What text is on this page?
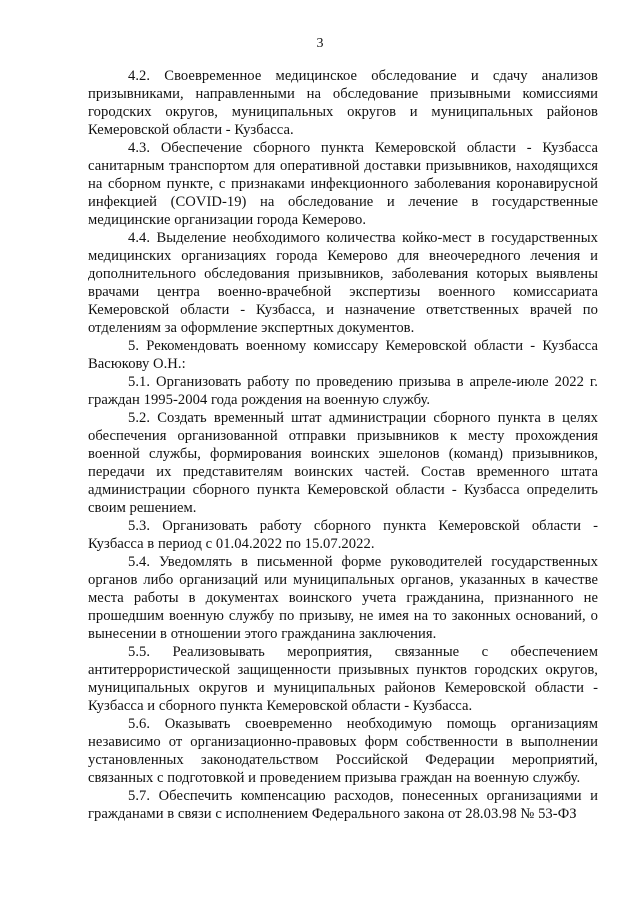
3

4.2. Своевременное медицинское обследование и сдачу анализов призывниками, направленными на обследование призывными комиссиями городских округов, муниципальных округов и муниципальных районов Кемеровской области - Кузбасса.

4.3. Обеспечение сборного пункта Кемеровской области - Кузбасса санитарным транспортом для оперативной доставки призывников, находящихся на сборном пункте, с признаками инфекционного заболевания коронавирусной инфекцией (COVID-19) на обследование и лечение в государственные медицинские организации города Кемерово.

4.4. Выделение необходимого количества койко-мест в государственных медицинских организациях города Кемерово для внеочередного лечения и дополнительного обследования призывников, заболевания которых выявлены врачами центра военно-врачебной экспертизы военного комиссариата Кемеровской области - Кузбасса, и назначение ответственных врачей по отделениям за оформление экспертных документов.

5. Рекомендовать военному комиссару Кемеровской области - Кузбасса Васюкову О.Н.:

5.1. Организовать работу по проведению призыва в апреле-июле 2022 г. граждан 1995-2004 года рождения на военную службу.

5.2. Создать временный штат администрации сборного пункта в целях обеспечения организованной отправки призывников к месту прохождения военной службы, формирования воинских эшелонов (команд) призывников, передачи их представителям воинских частей. Состав временного штата администрации сборного пункта Кемеровской области - Кузбасса определить своим решением.

5.3. Организовать работу сборного пункта Кемеровской области - Кузбасса в период с 01.04.2022 по 15.07.2022.

5.4. Уведомлять в письменной форме руководителей государственных органов либо организаций или муниципальных органов, указанных в качестве места работы в документах воинского учета гражданина, признанного не прошедшим военную службу по призыву, не имея на то законных оснований, о вынесении в отношении этого гражданина заключения.

5.5. Реализовывать мероприятия, связанные с обеспечением антитеррористической защищенности призывных пунктов городских округов, муниципальных округов и муниципальных районов Кемеровской области - Кузбасса и сборного пункта Кемеровской области - Кузбасса.

5.6. Оказывать своевременно необходимую помощь организациям независимо от организационно-правовых форм собственности в выполнении установленных законодательством Российской Федерации мероприятий, связанных с подготовкой и проведением призыва граждан на военную службу.

5.7. Обеспечить компенсацию расходов, понесенных организациями и гражданами в связи с исполнением Федерального закона от 28.03.98 № 53-ФЗ
